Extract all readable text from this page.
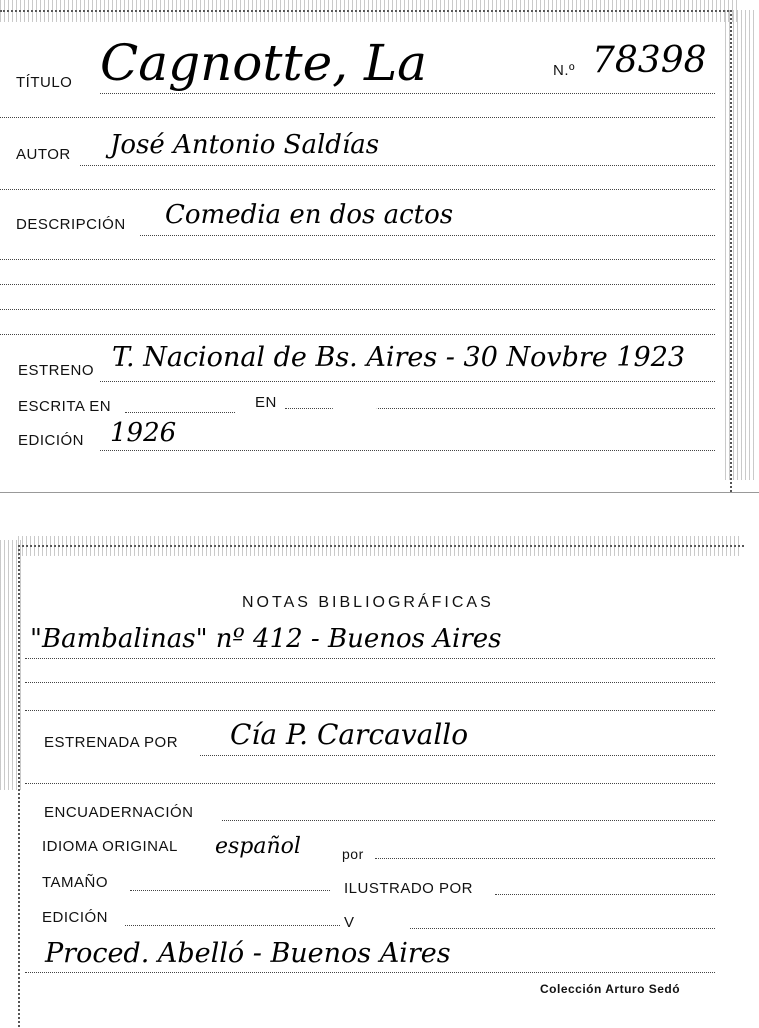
TÍTULO Cagnotte, La	N.º 78398
AUTOR José Antonio Saldías
DESCRIPCIÓN Comedia en dos actos
ESTRENO T. Nacional de Bs. Aires - 30 Novbre 1923
ESCRITA EN	EN
EDICIÓN 1926
NOTAS BIBLIOGRÁFICAS
"Bambalinas" nº 412 - Buenos Aires
ESTRENADA POR Cía P. Carcavallo
ENCUADERNACIÓN
IDIOMA ORIGINAL español	por
TAMAÑO	ILUSTRADO POR
EDICIÓN	V
Proced. Abelló - Buenos Aires
Colección Arturo Sedó
